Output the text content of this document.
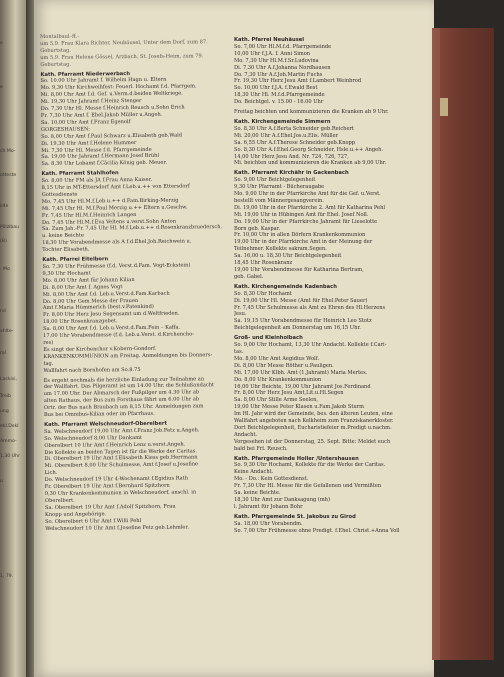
e
e
ch Mo-
otteste
ilde
Pölzlbau
(B)
- Mo
nd
ehlte-
ral
Lackisi,
Treib
ung
ekl.Dekl
Ammo-
1,30 Uhr
u
1, 79.
Montalbaul–ff.–
um 5,9. Frau Klara Richter, Neubäusel, Unter dem Dorf, zum 87.
Geburtstag.
um 5,9. Frau Helene Gössel, Arzbach, St. Josefs-Heim, zum 79.
Geburtstag.
Kath. Pfarramt Niederwerbach
So. 10.00 Uhr Jahramt f. Wilhelm Hagn u. Eltern
Mo. 9,30 Uhr Kirchweihfest: Feuerl. Hochamt f.d. Pfarrgem.
Mi. 8,00 Uhr Amt f.d. Gef. u.Verm.d.beiden Weltkriege.
Mi. 19,30 Uhr Jahramt f.Heinz Stenger
Do. 7,30 Uhr Hl. Messe f.Heinrich Reusch u.Sohn Erich
Fr. 7,30 Uhr Amt f. Ehel.Jakob Müller u.Angeh.
Sa. 10,00 Uhr Amt f.Franz Egenolf
GÖRGESHAUSEN:
So. 8,00 Uhr Amt f.Paul Schwarz u.Elisabeth geb.Wald
Di. 19,30 Uhr Amt f.Helene Hummer
Mi. 7,30 Uhr Hl. Messe f.d. Pfarrgemeinde
Sa. 19,00 Uhr Jahramt f.Hermann Josef Brühl
Sa. 8,30 Uhr Lobamt f.Cäcilia König geb. Meuer.
Kath. Pfarramt Stahlhofen
So. 8,00 Uhr FM als JA f.Frau Anna Kaiser.
8,15 Uhr in MT-Ettersdorf Amt f.Leb.u.++ von Ettersdorf
Gottesdienste
Mo. 7,45 Uhr Hl.M.f.Leb.u.++ d.Fam.Birking-Merzig
Mi. 7,45 Uhr Hl. M.f.Paul Merzig u.++ Eltern u.Geschw.
Fr. 7,45 Uhr Hl.M.f.Heinrich Langen
Do. 7,45 Uhr Hl.M.f.Eva Veltens u.verst.Sohn Anton
Sa. Zum Jah.-Fr. 7,45 Uhr Hl. M.f.Leb.u.++ d.Rosenkranzbruedersch.
u. keine Beichte
18,30 Uhr Vorabendmesse als A f.d.Ehel.Joh.Reichwein u.
Tochter Elisabeth.
Kath. Pfarrei Eitelborn
So. 7,30 Uhr Frühmesse (f.d. Verst.d.Fam. Vogt-Eckstein)
9,30 Uhr Hochamt
Mo. 8,00 Uhr Amt für Johann Kilian
Di. 8,00 Uhr Amt f. Agnes Vogt
Mi. 8,00 Uhr Amt f.d. Leb.u.Verst.d.Fam.Karbach
Do. 8,00 Uhr Gem.Messe der Frauen
Amt f.Maria Hümmerich (best.v.Patenkind)
Fr. 8,00 Uhr Herz Jesu Segensamt um d.Weltfrieden.
18,00 Uhr Rosenkranzgebet.
Sa. 8,00 Uhr Amt f.d. Leb.u.Verst.d.Fam.Fein – Kaffa.
17,00 Uhr Vorabendmesse (f.d. Leb.u.Verst. d.Kirchencho-
res)
Es singt der Kirchenchor v.Kobern-Gondorf.
KRANKENKOMMUNION am Freitag. Anmeldungen bis Donners-
tag.
Wallfahrt nach Bornhofen am So.8.75
Es ergeht nochmals die herzliche Einladung zur Teilnahme an
der Wallfahrt. Das Pilgeramt ist um 14.00 Uhr, die Schlußandacht
um 17.00 Uhr. Der Abmarsch der Fußpilger um 4.30 Uhr ab
alten Rathaus, der Bus zum Forsthaus fährt um 6.00 Uhr ab
Ortr. der Bus nach Braubach um 8,15 Uhr. Anmeldungen zum
Bus bei Omnibus-Kilian oder im Pfarrhaus.
Kath. Pfarramt Welschneudorf-Oberelbert
Sa. Welschneudorf 19,00 Uhr Amt f.Franz Job.Fetz u.Angeh.
So. Welschneudorf 8,00 Uhr Dankamt
Oberelbert 10 Uhr Amt f.Heinrich Lenz u.verst.Angeh.
Die Kollekte an beiden Tagen ist für die Werke der Caritas.
Di. Oberelbert 19 Uhr Amt f.Elisabeth Kiess geb.Herrmann
Mi. Oberelbert 8,00 Uhr Schulmesse, Amt f.Josef u.Josefine
Lich.
Do. Welschneudorf 19 Uhr 4-Wochenamt f.Egidius Rath
Fr. Oberelbert 19 Uhr Amt f.Bernhard Spitzhorn
9,30 Uhr Krankenkommunion in Welschneudorf, anschl. in
Oberelbert.
Sa. Oberelbert 19 Uhr Amt f.Adolf Spitzhorn, Frau
Knopp und Angehörige.
So. Oberelbert 6 Uhr Amt f.Willi Pehl
Welschneudorf 10 Uhr Amt f.Josefine Fetz geb.Lehmler.
Kath. Pfarrei Neuhäusel
So. 7,00 Uhr Hl.M.f.d. Pfarrgemeinde
10,00 Uhr f.J.A. f. Anni Simon
Mo. 7,30 Uhr Hl.M.f.Sr.Ludovina
Di. 7,30 Uhr A.f.Johanna Nordhausen
Do. 7,30 Uhr A.f.Joh.Martin Fuchs
Fr. 19,30 Uhr Herz Jesu Amt f.Lambert Weinbrod
So. 10,00 Uhr f.J.A. f.Ewald Best
18,30 Uhr Hl. M.f.d.Pfarrgemeinde
Do. Beichtgel. v. 15.00 - 16.00 Uhr
Freitag beichten und kommunizieren die Kranken ab 9 Uhr.
Kath. Kirchengemeinde Simmern
So. 8,30 Uhr A.f.Berta Schneider geb.Reichert
Mi. 20,00 Uhr A.f.Ehel.Jos.u.Elis. Müller
Sa. 6,55 Uhr A.f.Therese Schneider geb.Knopp
So. 8,30 Uhr A.f.Ehel.Georg Schneider, Hsle.u.++ Angeh.
14,00 Uhr Herz Jesu And. Nr. 724, 726, 727,
Mi. beichten und kommunizieren die Kranken ab 9,00 Uhr.
Kath. Pfarramt Kirchähr in Gackenbach
So. 9,00 Uhr Beichtgelegenheit
9,30 Uhr Pfarramt - Bücheraugabe
Mo. 9,00 Uhr in der Pfarrkirche Amt für die Gef. u.Verst.
bestellt vom Männergesangverein.
Di. 19,00 Uhr in der Pfarrkirche 2. Amt für Katharina Pehl
Mi. 19,00 Uhr in Hübingen Amt für Ehel. Josef Noll.
Do. 19,00 Uhr in der Pfarrkirche Jahramt für Lieselotte
Born geb. Kaspar.
Fr. 10,00 Uhr in allen Dörfern Krankenkommunion
19,00 Uhr in der Pfarrkirche Amt in der Meinung der
Teilnehmer. Kollekte sakram.Segen.
Sa. 16,00 u. 18,30 Uhr Beichtgelegenheit
18,45 Uhr Rosenkranz
19,00 Uhr Vorabendmesse für Katharina Bertram,
geb. Gabel.
Kath. Kirchengemeinde Kadenbach
So. 8,30 Uhr Hochamt
Di. 19,00 Uhr Hl. Messe (Amt für Ehel.Peter Sauer)
Fr. 7,45 Uhr Schulmesse als Amt zu Ehren des Hl.Herzens
Jesu.
Sa. 19,15 Uhr Vorabendmesse für Heinrich Leo Stotz
Beichtgelegenheit am Donnerstag um 16,15 Uhr.
Groß- und Kleinholbach
So. 9,00 Uhr Hochamt, 13,30 Uhr Andacht. Kollekte f.Cari-
tas.
Mo. 8,00 Uhr Amt Aegidius Wolf.
Di. 8,00 Uhr Messe Röther u.Pauligen.
Mi. 17,00 Uhr Klbh. Amt (1.Jahramt) Maria Mertes.
Do. 8,00 Uhr Krankenkommunion
16,00 Uhr Beichte, 19,00 Uhr Jahramt Jos.Ferdinand
Fr. 8,00 Uhr Herz Jesu Amt,Lit.u.Hl.Segen
Sa. 8,00 Uhr Stille Arme Seelen,
19,00 Uhr Messe Peter Klasen u.Fam.Jakob Sturm
Im Hl. Jahr wird der Gemeinde, bes. den älteren Leuten, eine
Wallfahrt angeboten nach Kelkheim zum Franziskanerkloster.
Dort Beichtgelegenheit, Eucharistiefeier m.Predigt u.nachm.
Andacht.
Vorgesehen ist der Donnerstag, 25. Sept. Bitte: Meldet euch
bald bei Frl. Reusch.
Kath. Pfarrgemeinde Holler /Untershausen
So. 9,30 Uhr Hochamt, Kollekte für die Werke der Caritas.
Keine Andacht.
Mo. - Do.: Kein Gottesdienst.
Fr. 7,30 Uhr Hl. Messe für die Gefallenen und Vermißten
Sa. keine Beichte.
18,30 Uhr Amt zur Danksagung (mh)
l. Jahramt für Johann Bohr
Kath. Pfarrgemeinde St. Jakobus zu Girod
Sa. 18,00 Uhr Vorabendm.
So. 7,00 Uhr Frühmesse ohne Predigt. f.Ehel. Christ.+Anna Voll
